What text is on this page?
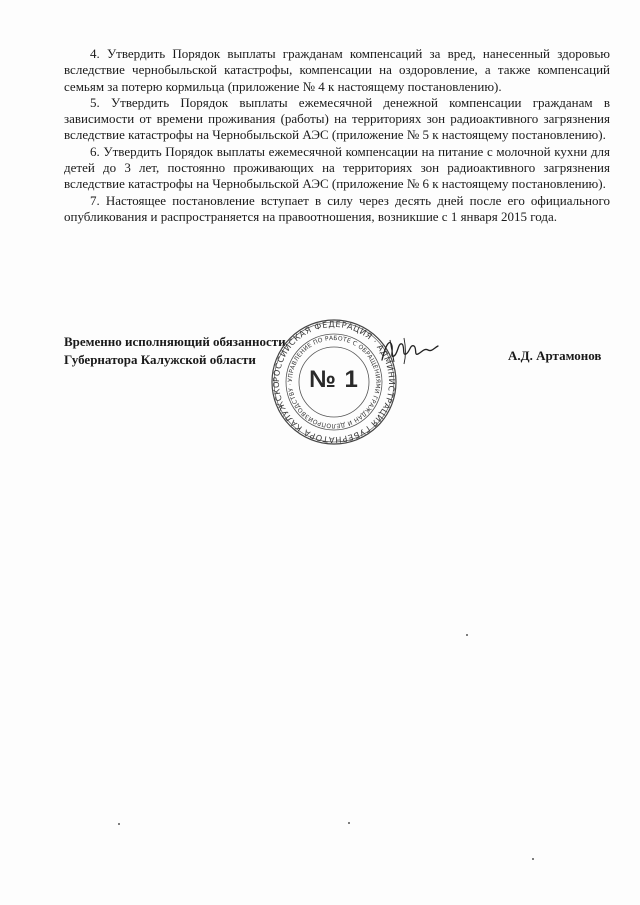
4. Утвердить Порядок выплаты гражданам компенсаций за вред, нанесенный здоровью вследствие чернобыльской катастрофы, компенсации на оздоровление, а также компенсаций семьям за потерю кормильца (приложение № 4 к настоящему постановлению).

5. Утвердить Порядок выплаты ежемесячной денежной компенсации гражданам в зависимости от времени проживания (работы) на территориях зон радиоактивного загрязнения вследствие катастрофы на Чернобыльской АЭС (приложение № 5 к настоящему постановлению).

6. Утвердить Порядок выплаты ежемесячной компенсации на питание с молочной кухни для детей до 3 лет, постоянно проживающих на территориях зон радиоактивного загрязнения вследствие катастрофы на Чернобыльской АЭС (приложение № 6 к настоящему постановлению).

7. Настоящее постановление вступает в силу через десять дней после его официального опубликования и распространяется на правоотношения, возникшие с 1 января 2015 года.

Временно исполняющий обязанности
Губернатора Калужской области
РОССИЙСКАЯ ФЕДЕРАЦИЯ · АДМИНИСТРАЦИЯ ГУБЕРНАТОРА КАЛУЖСКО
УПРАВЛЕНИЕ ПО РАБОТЕ С ОБРАЩЕНИЯМИ ГРАЖДАН И ДЕЛОПРОИЗВОДСТВУ · № 1
А.Д. Артамонов
